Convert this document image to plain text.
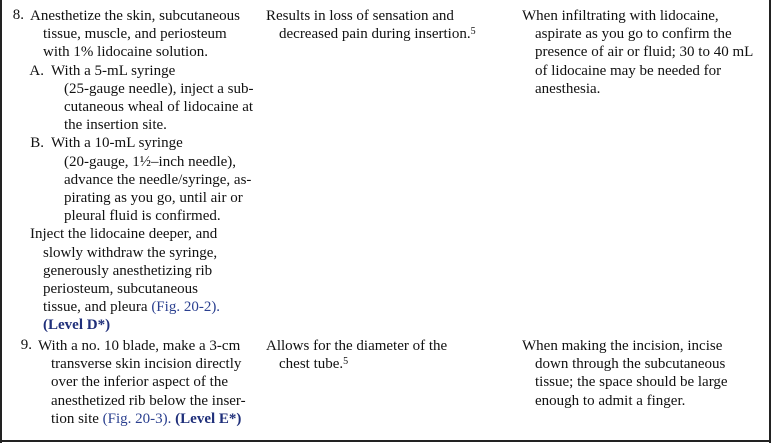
8. Anesthetize the skin, subcutaneous
tissue, muscle, and periosteum
with 1% lidocaine solution.
A. With a 5-mL syringe
(25-gauge needle), inject a sub-
cutaneous wheal of lidocaine at
the insertion site.
B. With a 10-mL syringe
(20-gauge, 1½–inch needle),
advance the needle/syringe, as-
pirating as you go, until air or
pleural fluid is confirmed.
Inject the lidocaine deeper, and
slowly withdraw the syringe,
generously anesthetizing rib
periosteum, subcutaneous
tissue, and pleura (Fig. 20-2).
(Level D*)
Results in loss of sensation and
decreased pain during insertion.$^5$
When infiltrating with lidocaine,
aspirate as you go to confirm the
presence of air or fluid; 30 to 40 mL
of lidocaine may be needed for
anesthesia.
9. With a no. 10 blade, make a 3-cm
transverse skin incision directly
over the inferior aspect of the
anesthetized rib below the inser-
tion site (Fig. 20-3). (Level E*)
Allows for the diameter of the
chest tube.$^5$
When making the incision, incise
down through the subcutaneous
tissue; the space should be large
enough to admit a finger.
